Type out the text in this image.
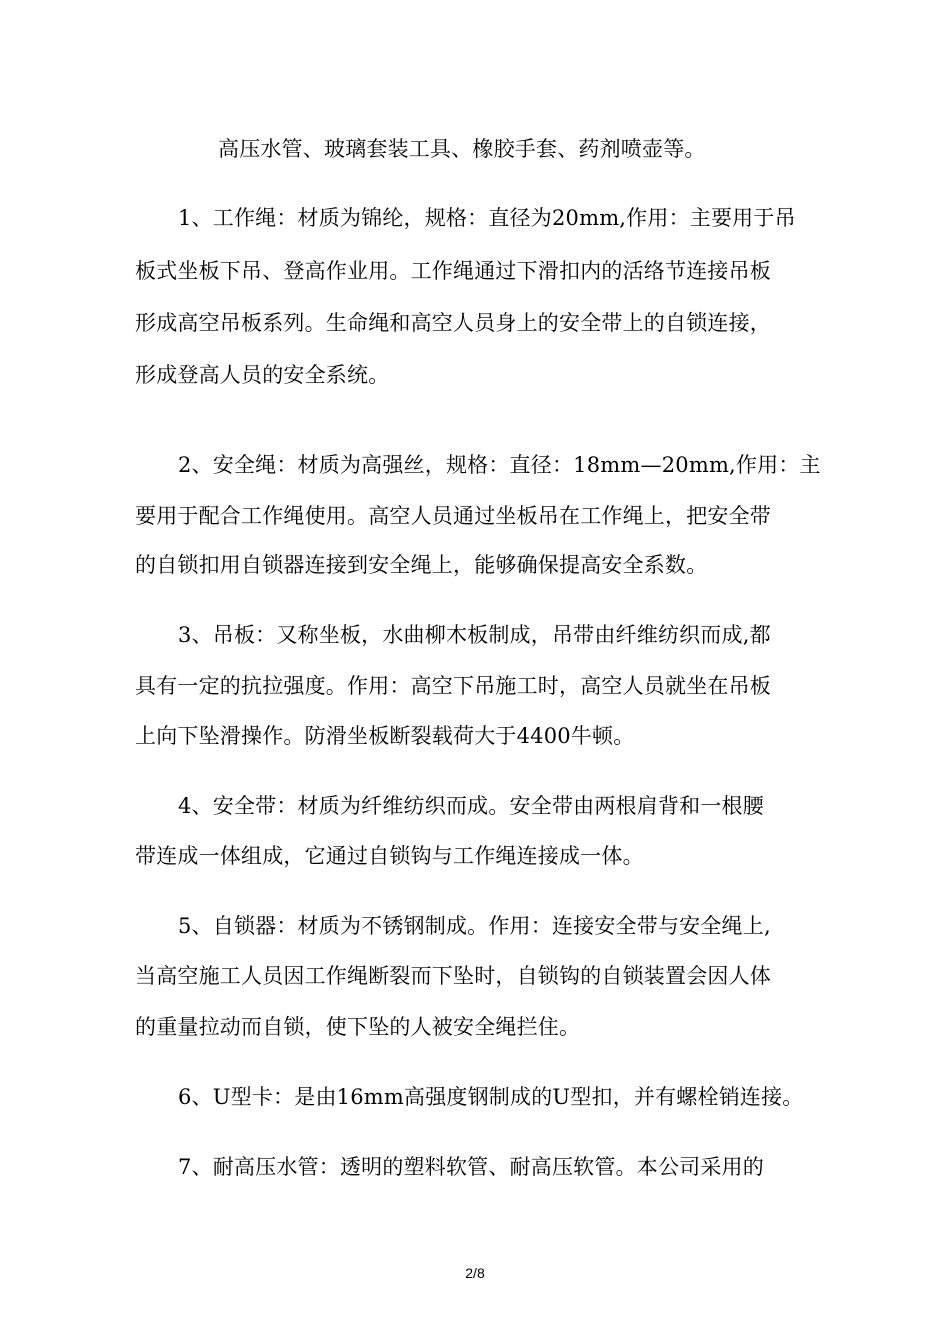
高压水管、玻璃套装工具、橡胶手套、药剂喷壶等。
1、工作绳：材质为锦纶，规格：直径为20mm,作用：主要用于吊
板式坐板下吊、登高作业用。工作绳通过下滑扣内的活络节连接吊板
形成高空吊板系列。生命绳和高空人员身上的安全带上的自锁连接，
形成登高人员的安全系统。
2、安全绳：材质为高强丝，规格：直径：18mm—20mm,作用：主
要用于配合工作绳使用。高空人员通过坐板吊在工作绳上，把安全带
的自锁扣用自锁器连接到安全绳上，能够确保提高安全系数。
3、吊板：又称坐板，水曲柳木板制成，吊带由纤维纺织而成,都
具有一定的抗拉强度。作用：高空下吊施工时，高空人员就坐在吊板
上向下坠滑操作。防滑坐板断裂载荷大于4400牛顿。
4、安全带：材质为纤维纺织而成。安全带由两根肩背和一根腰
带连成一体组成，它通过自锁钩与工作绳连接成一体。
5、自锁器：材质为不锈钢制成。作用：连接安全带与安全绳上,
当高空施工人员因工作绳断裂而下坠时，自锁钩的自锁装置会因人体
的重量拉动而自锁，使下坠的人被安全绳拦住。
6、U型卡：是由16mm高强度钢制成的U型扣，并有螺栓销连接。
7、耐高压水管：透明的塑料软管、耐高压软管。本公司采用的
2/8
